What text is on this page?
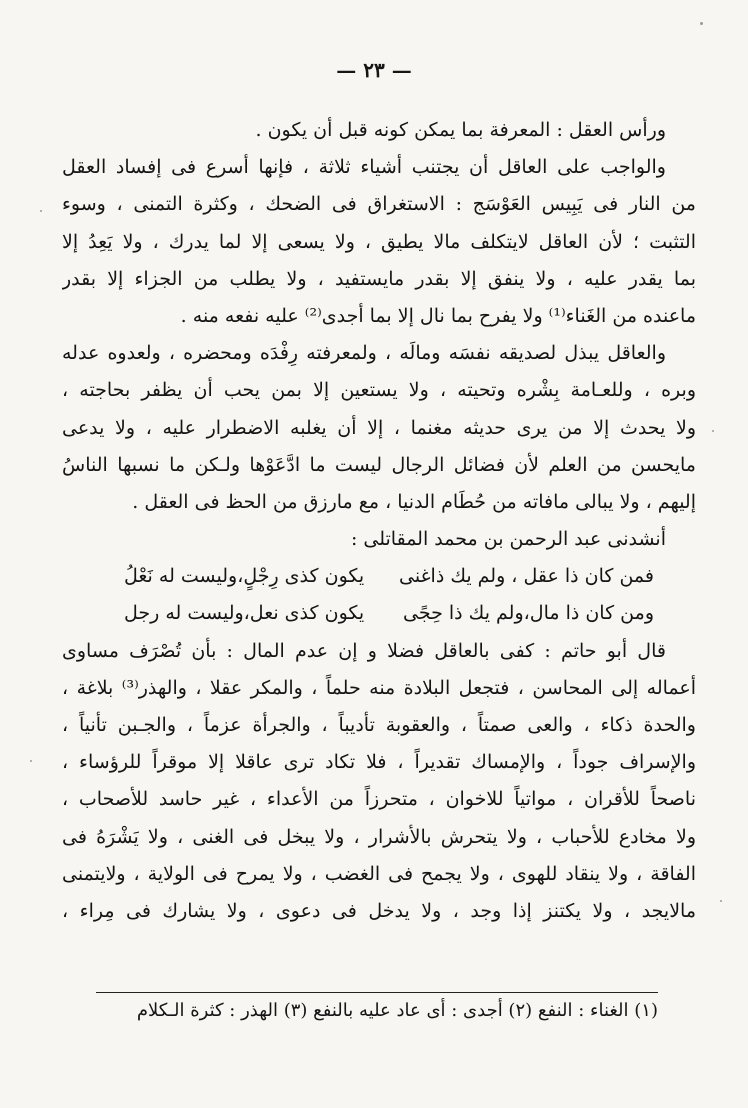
— ٢٣ —
ورأس العقل : المعرفة بما يمكن كونه قبل أن يكون .
والواجب على العاقل أن يجتنب أشياء ثلاثة ، فإنها أسرع فى إفساد العقل
من النار فى يَبِيس العَوْسَج : الاستغراق فى الضحك ، وكثرة التمنى ، وسوء
التثبت ؛ لأن العاقل لايتكلف مالا يطيق ، ولا يسعى إلا لما يدرك ، ولا يَعِدُ إلا
بما يقدر عليه ، ولا ينفق إلا بقدر مايستفيد ، ولا يطلب من الجزاء إلا بقدر
ماعنده من الغَناء⁽¹⁾ ولا يفرح بما نال إلا بما أجدى⁽²⁾ عليه نفعه منه .
والعاقل يبذل لصديقه نفسَه ومالَه ، ولمعرفته رِفْدَه ومحضره ، ولعدوه عدله
وبره ، وللعـامة بِشْره وتحيته ، ولا يستعين إلا بمن يحب أن يظفر بحاجته ،
ولا يحدث إلا من يرى حديثه مغنما ، إلا أن يغلبه الاضطرار عليه ، ولا يدعى
مايحسن من العلم لأن فضائل الرجال ليست ما ادَّعَوْها ولـكن ما نسبها الناسُ
إليهم ، ولا يبالى مافاته من حُطَام الدنيا ، مع مارزق من الحظ فى العقل .
أنشدنى عبد الرحمن بن محمد المقاتلى :
فمن كان ذا عقل ، ولم يك ذاغنى
يكون كذى رِجْلٍ،وليست له نَعْلُ
ومن كان ذا مال،ولم يك ذا حِجًى
يكون كذى نعل،وليست له رجل
قال أبو حاتم : كفى بالعاقل فضلا و إن عدم المال : بأن تُصْرَف مساوى
أعماله إلى المحاسن ، فتجعل البلادة منه حلماً ، والمكر عقلا ، والهذر⁽³⁾ بلاغة ،
والحدة ذكاء ، والعى صمتاً ، والعقوبة تأديباً ، والجرأة عزماً ، والجـبن تأنياً ،
والإسراف جوداً ، والإمساك تقديراً ، فلا تكاد ترى عاقلا إلا موقراً للرؤساء ،
ناصحاً للأقران ، مواتياً للاخوان ، متحرزاً من الأعداء ، غير حاسد للأصحاب ،
ولا مخادع للأحباب ، ولا يتحرش بالأشرار ، ولا يبخل فى الغنى ، ولا يَشْرَهُ فى
الفاقة ، ولا ينقاد للهوى ، ولا يجمح فى الغضب ، ولا يمرح فى الولاية ، ولايتمنى
مالايجد ، ولا يكتنز إذا وجد ، ولا يدخل فى دعوى ، ولا يشارك فى مِراء ،
(١) الغناء : النفع (٢) أجدى : أى عاد عليه بالنفع (٣) الهذر : كثرة الـكلام
